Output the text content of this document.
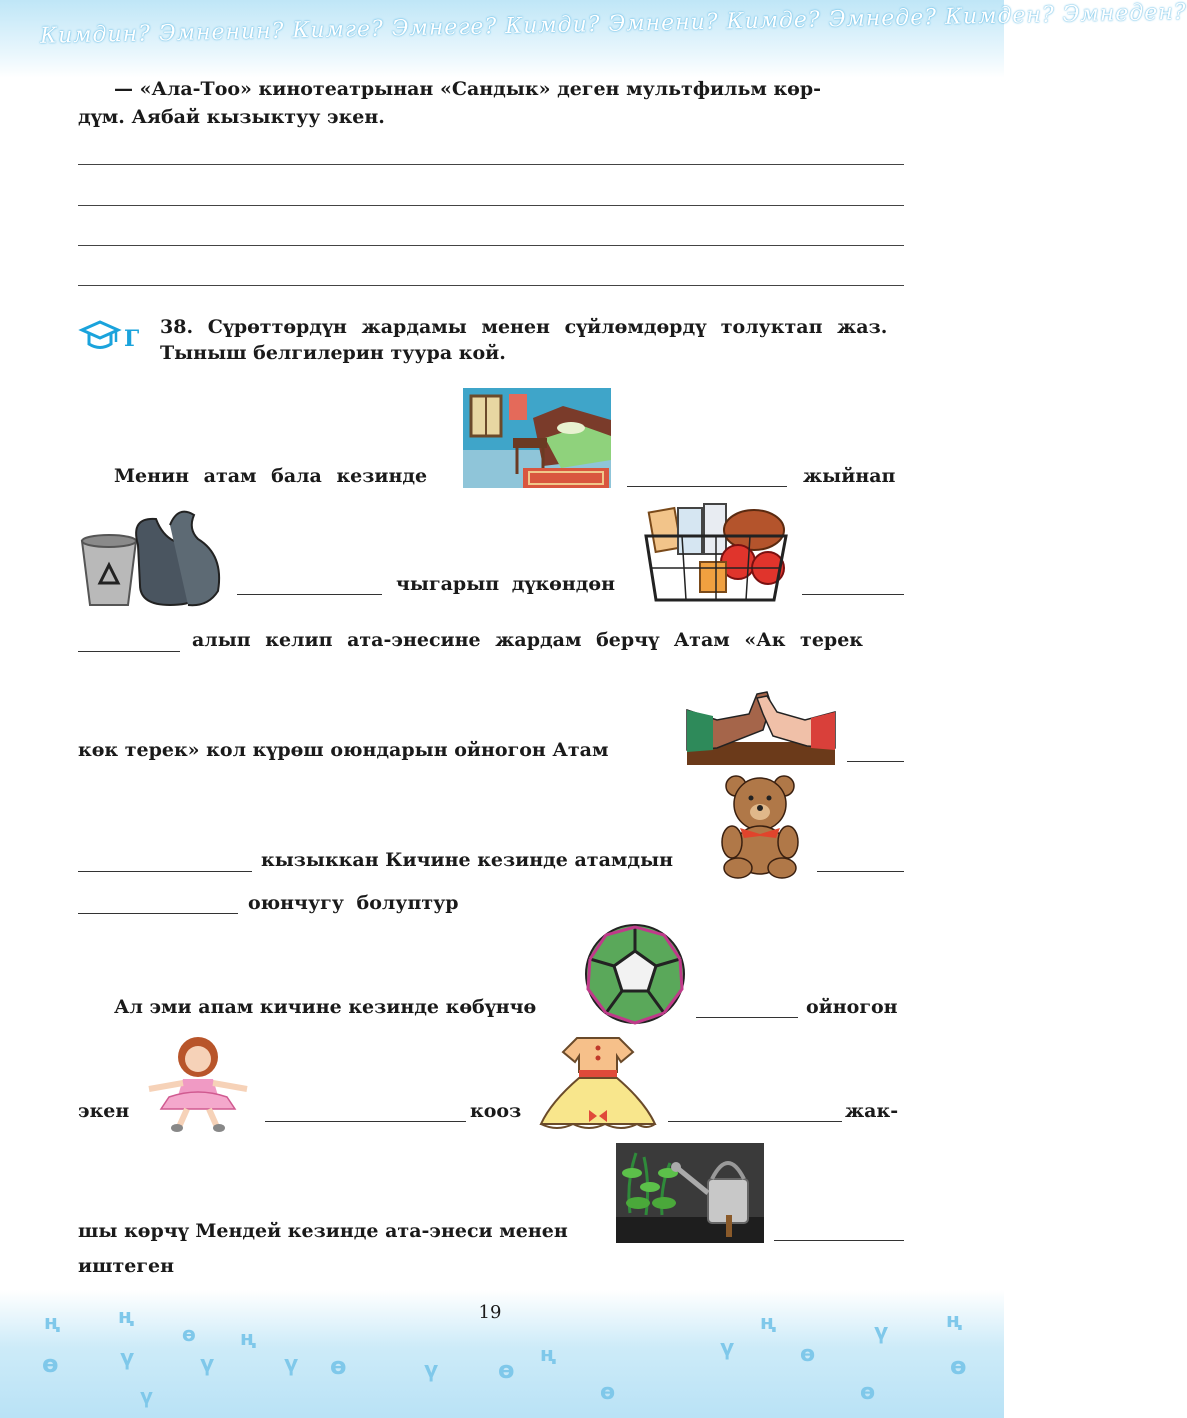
Кимдин? Эмненин? Кимге? Эмнеге? Кимди? Эмнени? Кимде? Эмнеде? Кимден? Эмнеден?
— «Ала-Тоо» кинотеатрынан «Сандык» деген мультфильм көр-
дүм. Аябай кызыктуу экен.
Г 38. Сүрөттөрдүн жардамы менен сүйлөмдөрдү толуктап жаз.
Тыныш белгилерин туура кой.
Менин атам бала кезинде	жыйнап
чыгарып дүкөндөн
алып келип ата-энесине жардам берчү Атам «Ак терек
көк терек» кол күрөш оюндарын ойногон Атам
кызыккан Кичине кезинде атамдын
оюнчугу болуптур
Ал эми апам кичине кезинде көбүнчө	ойногон
экен	кооз	жак-
шы көрчү Мендей кезинде ата-энеси менен
иштеген
19
ң
ө	ү
ң
ө
ү ө
ң
ү ө
ң	ү	ө
ү	ң
ө
ү
ө
ң
ү	ө
